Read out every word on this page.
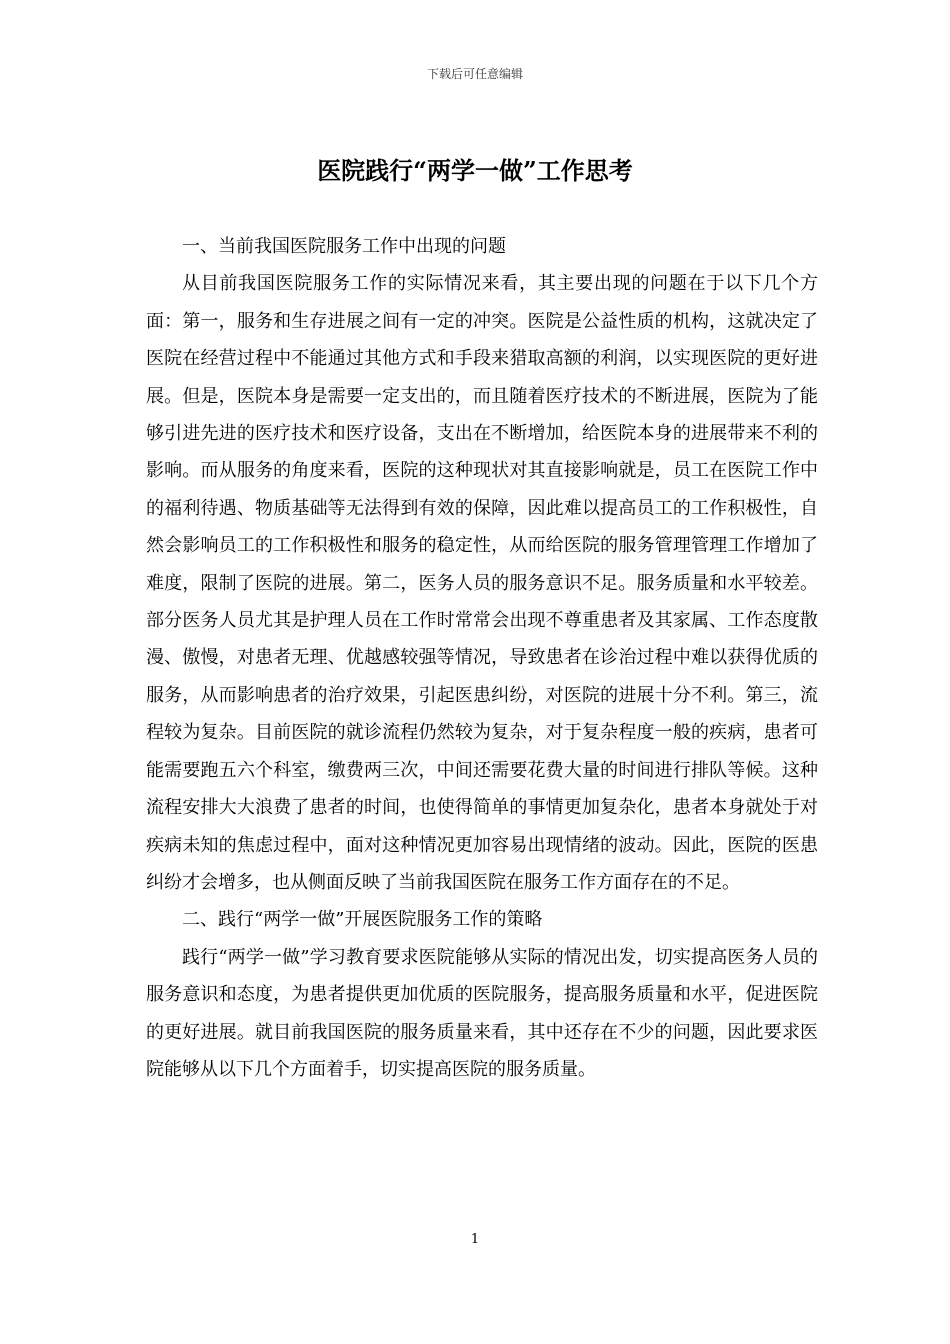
下载后可任意编辑
医院践行“两学一做”工作思考

一、当前我国医院服务工作中出现的问题

从目前我国医院服务工作的实际情况来看，其主要出现的问题在于以下几个方面：第一，服务和生存进展之间有一定的冲突。医院是公益性质的机构，这就决定了医院在经营过程中不能通过其他方式和手段来猎取高额的利润，以实现医院的更好进展。但是，医院本身是需要一定支出的，而且随着医疗技术的不断进展，医院为了能够引进先进的医疗技术和医疗设备，支出在不断增加，给医院本身的进展带来不利的影响。而从服务的角度来看，医院的这种现状对其直接影响就是，员工在医院工作中的福利待遇、物质基础等无法得到有效的保障，因此难以提高员工的工作积极性，自然会影响员工的工作积极性和服务的稳定性，从而给医院的服务管理管理工作增加了难度，限制了医院的进展。第二，医务人员的服务意识不足。服务质量和水平较差。部分医务人员尤其是护理人员在工作时常常会出现不尊重患者及其家属、工作态度散漫、傲慢，对患者无理、优越感较强等情况，导致患者在诊治过程中难以获得优质的服务，从而影响患者的治疗效果，引起医患纠纷，对医院的进展十分不利。第三，流程较为复杂。目前医院的就诊流程仍然较为复杂，对于复杂程度一般的疾病，患者可能需要跑五六个科室，缴费两三次，中间还需要花费大量的时间进行排队等候。这种流程安排大大浪费了患者的时间，也使得简单的事情更加复杂化，患者本身就处于对疾病未知的焦虑过程中，面对这种情况更加容易出现情绪的波动。因此，医院的医患纠纷才会增多，也从侧面反映了当前我国医院在服务工作方面存在的不足。

二、践行“两学一做”开展医院服务工作的策略

践行“两学一做”学习教育要求医院能够从实际的情况出发，切实提高医务人员的服务意识和态度，为患者提供更加优质的医院服务，提高服务质量和水平，促进医院的更好进展。就目前我国医院的服务质量来看，其中还存在不少的问题，因此要求医院能够从以下几个方面着手，切实提高医院的服务质量。

1
